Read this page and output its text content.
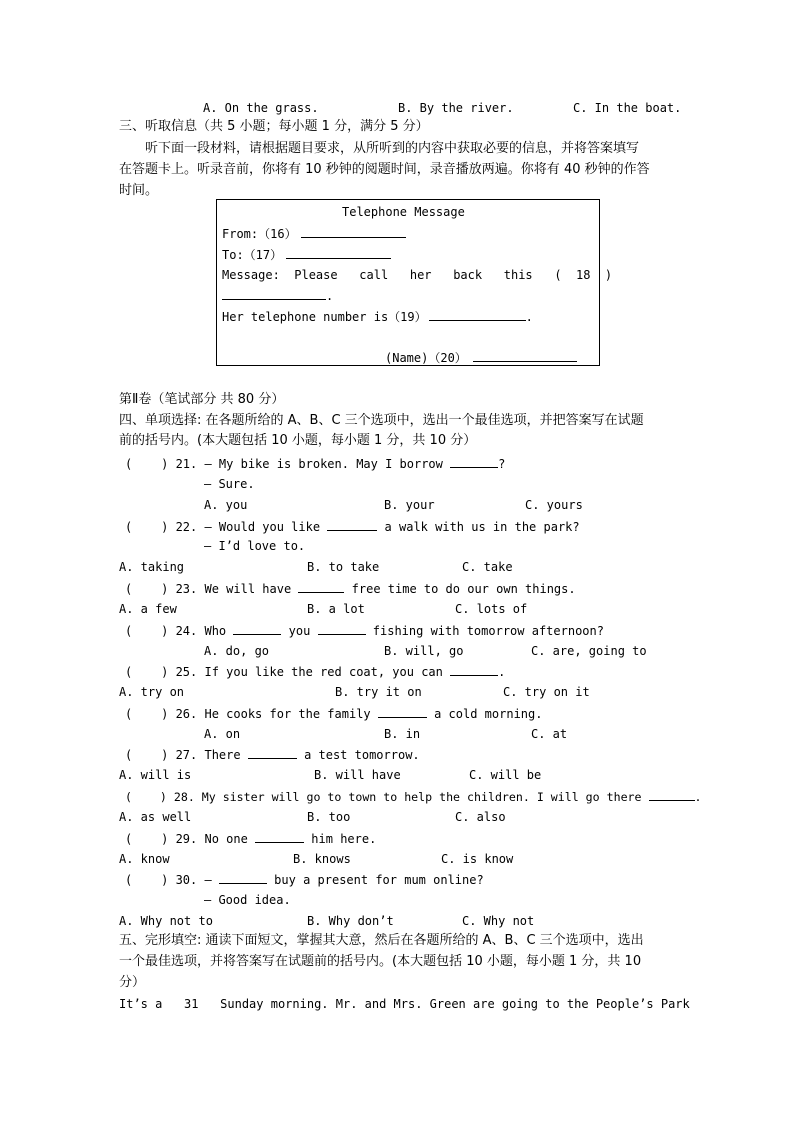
A. On the grass.	B. By the river.	C. In the boat.
三、听取信息（共 5 小题；每小题 1 分，满分 5 分）
听下面一段材料，请根据题目要求，从所听到的内容中获取必要的信息，并将答案填写
在答题卡上。听录音前，你将有 10 秒钟的阅题时间，录音播放两遍。你将有 40 秒钟的作答
时间。
Telephone Message
From:（16）
To:（17）
Message:  Please   call   her   back   this   (  18  )
.
Her telephone number is（19）	.
(Name)（20）
第Ⅱ卷（笔试部分 共 80 分）
四、单项选择: 在各题所给的 A、B、C 三个选项中，选出一个最佳选项，并把答案写在试题
前的括号内。(本大题包括 10 小题，每小题 1 分，共 10 分）
(    ) 21. — My bike is broken. May I borrow	?
— Sure.
A. you	B. your	C. yours
(    ) 22. — Would you like	a walk with us in the park?
— I’d love to.
A. taking	B. to take	C. take
(    ) 23. We will have	free time to do our own things.
A. a few	B. a lot	C. lots of
(    ) 24. Who	you	fishing with tomorrow afternoon?
A. do, go	B. will, go	C. are, going to
(    ) 25. If you like the red coat, you can	.
A. try on	B. try it on	C. try on it
(    ) 26. He cooks for the family	a cold morning.
A. on	B. in	C. at
(    ) 27. There	a test tomorrow.
A. will is	B. will have	C. will be
(    ) 28. My sister will go to town to help the children. I will go there	.
A. as well	B. too	C. also
(    ) 29. No one	him here.
A. know	B. knows	C. is know
(    ) 30. —	buy a present for mum online?
— Good idea.
A. Why not to	B. Why don’t	C. Why not
五、完形填空: 通读下面短文，掌握其大意，然后在各题所给的 A、B、C 三个选项中，选出
一个最佳选项，并将答案写在试题前的括号内。(本大题包括 10 小题，每小题 1 分，共 10
分）
It’s a   31   Sunday morning. Mr. and Mrs. Green are going to the People’s Park
